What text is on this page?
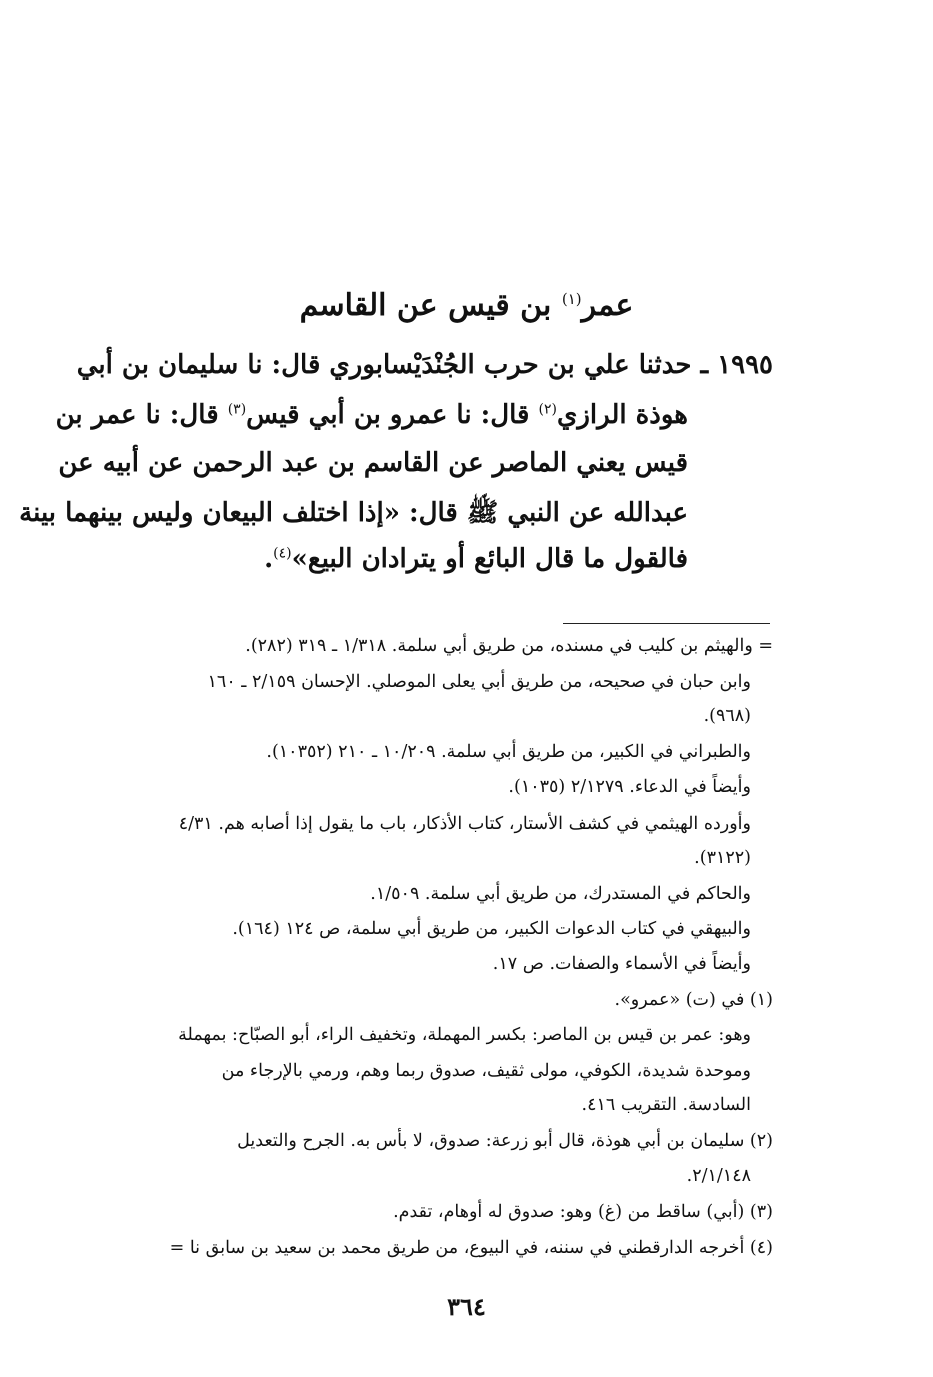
عمر$^{(١)}$ بن قيس عن القاسم
١٩٩٥ ـ حدثنا علي بن حرب الجُنْدَيْسابوري قال: نا سليمان بن أبي
هوذة الرازي$^{(٢)}$ قال: نا عمرو بن أبي قيس$^{(٣)}$ قال: نا عمر بن
قيس يعني الماصر عن القاسم بن عبد الرحمن عن أبيه عن
عبدالله عن النبي ﷺ قال: «إذا اختلف البيعان وليس بينهما بينة
فالقول ما قال البائع أو يترادان البيع»$^{(٤)}$.
= والهيثم بن كليب في مسنده، من طريق أبي سلمة. ١/٣١٨ ـ ٣١٩ (٢٨٢).
وابن حبان في صحيحه، من طريق أبي يعلى الموصلي. الإحسان ٢/١٥٩ ـ ١٦٠
(٩٦٨).
والطبراني في الكبير، من طريق أبي سلمة. ١٠/٢٠٩ ـ ٢١٠ (١٠٣٥٢).
وأيضاً في الدعاء. ٢/١٢٧٩ (١٠٣٥).
وأورده الهيثمي في كشف الأستار، كتاب الأذكار، باب ما يقول إذا أصابه هم. ٤/٣١
(٣١٢٢).
والحاكم في المستدرك، من طريق أبي سلمة. ١/٥٠٩.
والبيهقي في كتاب الدعوات الكبير، من طريق أبي سلمة، ص ١٢٤ (١٦٤).
وأيضاً في الأسماء والصفات. ص ١٧.
(١) في (ت) «عمرو».
وهو: عمر بن قيس بن الماصر: بكسر المهملة، وتخفيف الراء، أبو الصبّاح: بمهملة
وموحدة شديدة، الكوفي، مولى ثقيف، صدوق ربما وهم، ورمي بالإرجاء من
السادسة. التقريب ٤١٦.
(٢) سليمان بن أبي هوذة، قال أبو زرعة: صدوق، لا بأس به. الجرح والتعديل
٢/١/١٤٨.
(٣) (أبي) ساقط من (غ) وهو: صدوق له أوهام، تقدم.
(٤) أخرجه الدارقطني في سننه، في البيوع، من طريق محمد بن سعيد بن سابق نا =
٣٦٤
